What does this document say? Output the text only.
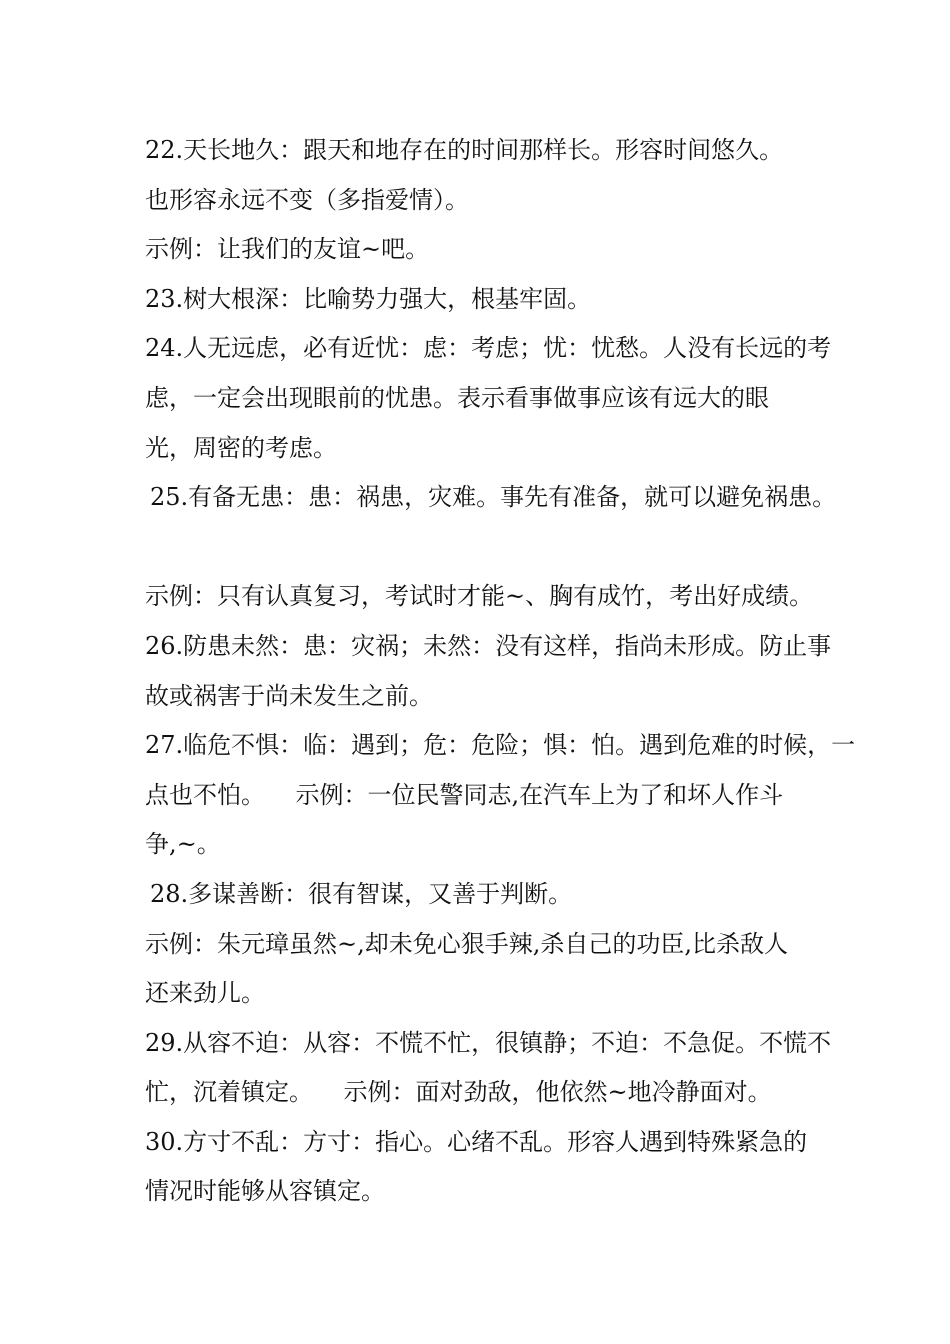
22.天长地久：跟天和地存在的时间那样长。形容时间悠久。
也形容永远不变（多指爱情）。
示例：让我们的友谊~吧。
23.树大根深：比喻势力强大，根基牢固。
24.人无远虑，必有近忧：虑：考虑；忧：忧愁。人没有长远的考
虑，一定会出现眼前的忧患。表示看事做事应该有远大的眼
光，周密的考虑。
25.有备无患：患：祸患，灾难。事先有准备，就可以避免祸患。
示例：只有认真复习，考试时才能~、胸有成竹，考出好成绩。
26.防患未然：患：灾祸；未然：没有这样，指尚未形成。防止事
故或祸害于尚未发生之前。
27.临危不惧：临：遇到；危：危险；惧：怕。遇到危难的时候，一
点也不怕。    示例：一位民警同志,在汽车上为了和坏人作斗
争,~。
28.多谋善断：很有智谋，又善于判断。
示例：朱元璋虽然~,却未免心狠手辣,杀自己的功臣,比杀敌人
还来劲儿。
29.从容不迫：从容：不慌不忙，很镇静；不迫：不急促。不慌不
忙，沉着镇定。    示例：面对劲敌，他依然~地冷静面对。
30.方寸不乱：方寸：指心。心绪不乱。形容人遇到特殊紧急的
情况时能够从容镇定。
